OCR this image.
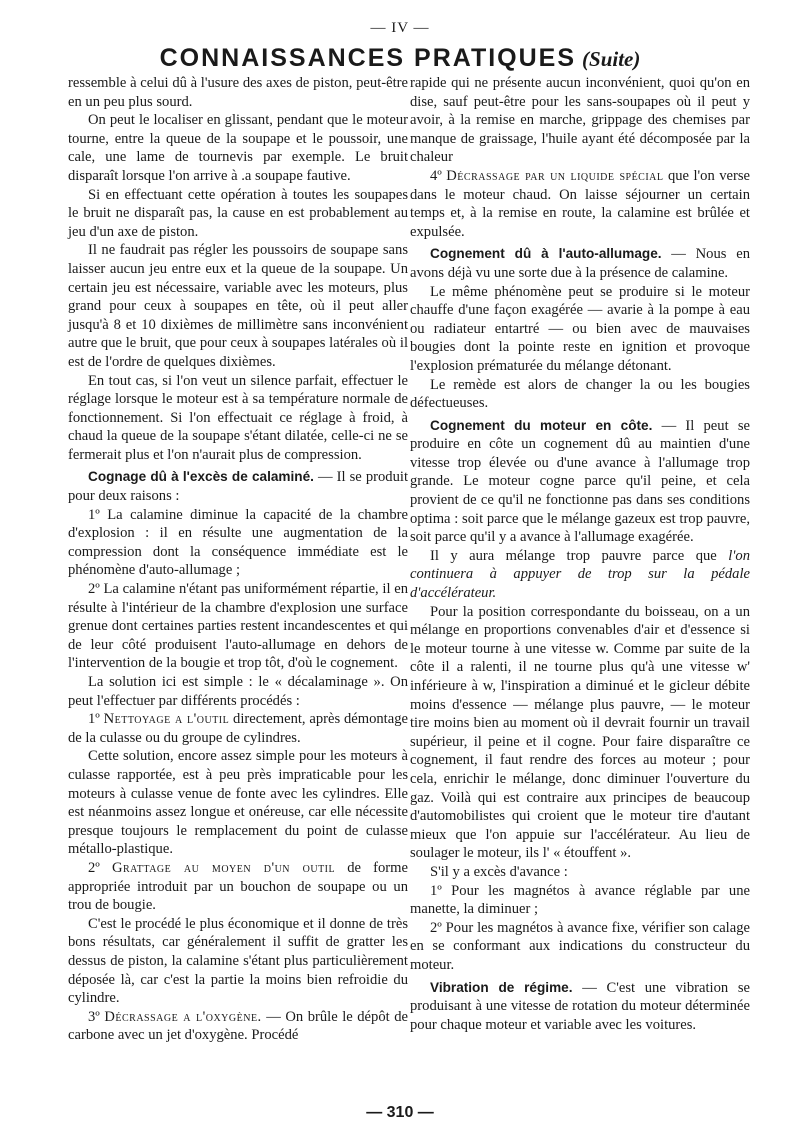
— IV —
CONNAISSANCES PRATIQUES (Suite)

ressemble à celui dû à l'usure des axes de piston, peut-être en un peu plus sourd.

On peut le localiser en glissant, pendant que le moteur tourne, entre la queue de la soupape et le poussoir, une cale, une lame de tournevis par exemple. Le bruit disparaît lorsque l'on arrive à .a soupape fautive.

Si en effectuant cette opération à toutes les soupapes le bruit ne disparaît pas, la cause en est probablement au jeu d'un axe de piston.

Il ne faudrait pas régler les poussoirs de soupape sans laisser aucun jeu entre eux et la queue de la soupape. Un certain jeu est nécessaire, variable avec les moteurs, plus grand pour ceux à soupapes en tête, où il peut aller jusqu'à 8 et 10 dixièmes de millimètre sans inconvénient autre que le bruit, que pour ceux à soupapes latérales où il est de l'ordre de quelques dixièmes.

En tout cas, si l'on veut un silence parfait, effectuer le réglage lorsque le moteur est à sa température normale de fonctionnement. Si l'on effectuait ce réglage à froid, à chaud la queue de la soupape s'étant dilatée, celle-ci ne se fermerait plus et l'on n'aurait plus de compression.

Cognage dû à l'excès de calaminé. — Il se produit pour deux raisons :

1º La calamine diminue la capacité de la chambre d'explosion : il en résulte une augmentation de la compression dont la conséquence immédiate est le phénomène d'auto-allumage ;

2º La calamine n'étant pas uniformément répartie, il en résulte à l'intérieur de la chambre d'explosion une surface grenue dont certaines parties restent incandescentes et qui de leur côté produisent l'auto-allumage en dehors de l'intervention de la bougie et trop tôt, d'où le cognement.

La solution ici est simple : le « décalaminage ». On peut l'effectuer par différents procédés :

1º Nettoyage a l'outil directement, après démontage de la culasse ou du groupe de cylindres.

Cette solution, encore assez simple pour les moteurs à culasse rapportée, est à peu près impraticable pour les moteurs à culasse venue de fonte avec les cylindres. Elle est néanmoins assez longue et onéreuse, car elle nécessite presque toujours le remplacement du point de culasse métallo-plastique.

2º Grattage au moyen d'un outil de forme appropriée introduit par un bouchon de soupape ou un trou de bougie.

C'est le procédé le plus économique et il donne de très bons résultats, car généralement il suffit de gratter les dessus de piston, la calamine s'étant plus particulièrement déposée là, car c'est la partie la moins bien refroidie du cylindre.

3º Décrassage a l'oxygène. — On brûle le dépôt de carbone avec un jet d'oxygène. Procédé

rapide qui ne présente aucun inconvénient, quoi qu'on en dise, sauf peut-être pour les sans-soupapes où il peut y avoir, à la remise en marche, grippage des chemises par manque de graissage, l'huile ayant été décomposée par la chaleur

4º Décrassage par un liquide spécial que l'on verse dans le moteur chaud. On laisse séjourner un certain temps et, à la remise en route, la calamine est brûlée et expulsée.

Cognement dû à l'auto-allumage. — Nous en avons déjà vu une sorte due à la présence de calamine.

Le même phénomène peut se produire si le moteur chauffe d'une façon exagérée — avarie à la pompe à eau ou radiateur entartré — ou bien avec de mauvaises bougies dont la pointe reste en ignition et provoque l'explosion prématurée du mélange détonant.

Le remède est alors de changer la ou les bougies défectueuses.

Cognement du moteur en côte. — Il peut se produire en côte un cognement dû au maintien d'une vitesse trop élevée ou d'une avance à l'allumage trop grande. Le moteur cogne parce qu'il peine, et cela provient de ce qu'il ne fonctionne pas dans ses conditions optima : soit parce que le mélange gazeux est trop pauvre, soit parce qu'il y a avance à l'allumage exagérée.

Il y aura mélange trop pauvre parce que l'on continuera à appuyer de trop sur la pédale d'accélérateur.

Pour la position correspondante du boisseau, on a un mélange en proportions convenables d'air et d'essence si le moteur tourne à une vitesse w. Comme par suite de la côte il a ralenti, il ne tourne plus qu'à une vitesse w' inférieure à w, l'inspiration a diminué et le gicleur débite moins d'essence — mélange plus pauvre, — le moteur tire moins bien au moment où il devrait fournir un travail supérieur, il peine et il cogne. Pour faire disparaître ce cognement, il faut rendre des forces au moteur ; pour cela, enrichir le mélange, donc diminuer l'ouverture du gaz. Voilà qui est contraire aux principes de beaucoup d'automobilistes qui croient que le moteur tire d'autant mieux que l'on appuie sur l'accélérateur. Au lieu de soulager le moteur, ils l' « étouffent ».

S'il y a excès d'avance :

1º Pour les magnétos à avance réglable par une manette, la diminuer ;

2º Pour les magnétos à avance fixe, vérifier son calage en se conformant aux indications du constructeur du moteur.

Vibration de régime. — C'est une vibration se produisant à une vitesse de rotation du moteur déterminée pour chaque moteur et variable avec les voitures.

— 310 —
